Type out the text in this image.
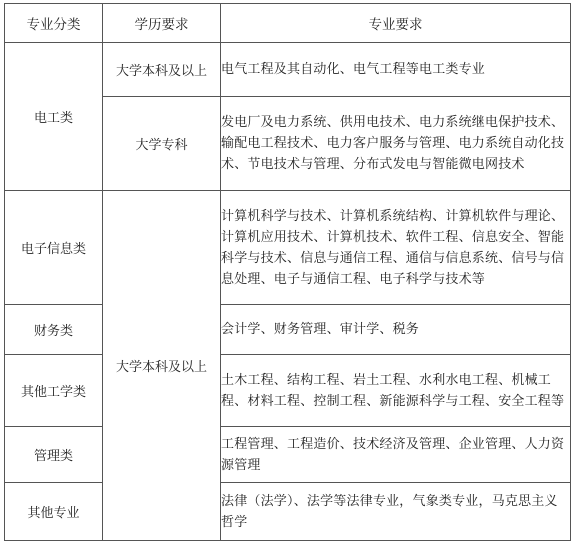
专业分类	学历要求	专业要求
电工类	大学本科及以上	电气工程及其自动化、电气工程等电工类专业
	大学专科	发电厂及电力系统、供用电技术、电力系统继电保护技术、输配电工程技术、电力客户服务与管理、电力系统自动化技术、节电技术与管理、分布式发电与智能微电网技术
电子信息类	大学本科及以上	计算机科学与技术、计算机系统结构、计算机软件与理论、计算机应用技术、计算机技术、软件工程、信息安全、智能科学与技术、信息与通信工程、通信与信息系统、信号与信息处理、电子与通信工程、电子科学与技术等
财务类		会计学、财务管理、审计学、税务
其他工学类		土木工程、结构工程、岩土工程、水利水电工程、机械工程、材料工程、控制工程、新能源科学与工程、安全工程等
管理类		工程管理、工程造价、技术经济及管理、企业管理、人力资源管理
其他专业		法律（法学）、法学等法律专业，气象类专业，马克思主义哲学
